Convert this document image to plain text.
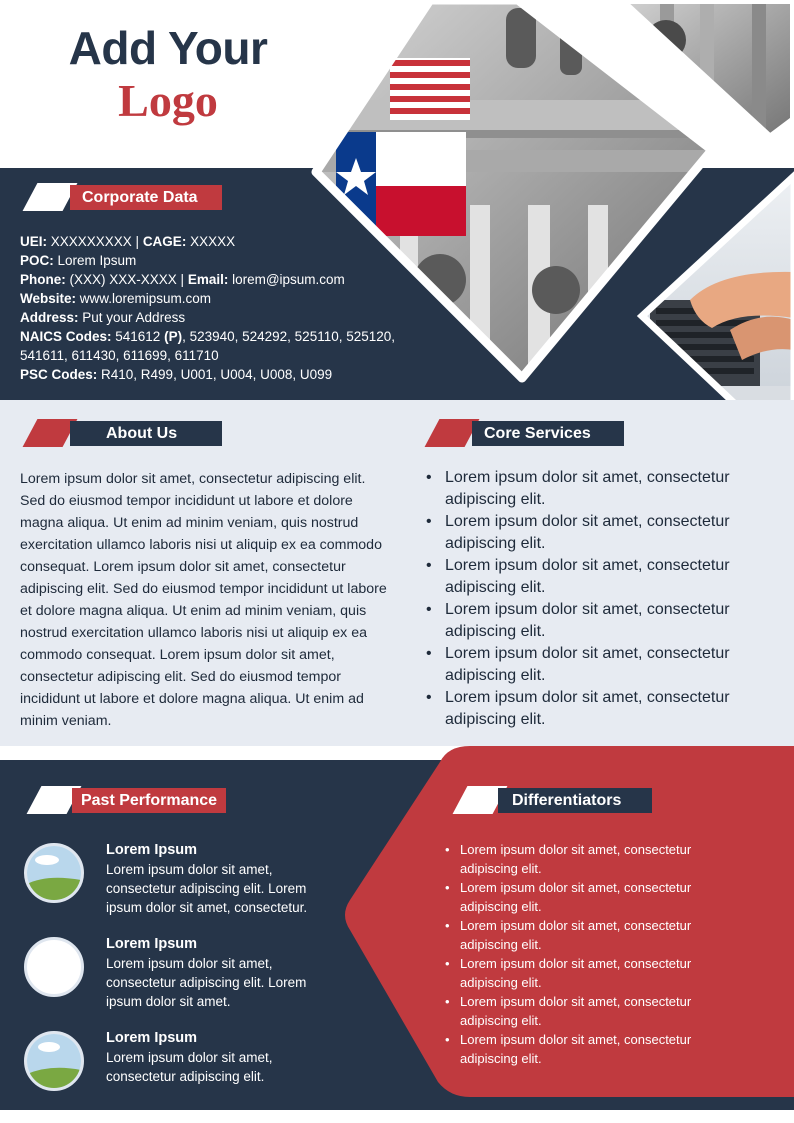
Add Your
Logo
Corporate Data
UEI: XXXXXXXXX | CAGE: XXXXX
POC: Lorem Ipsum
Phone: (XXX) XXX-XXXX | Email: lorem@ipsum.com
Website: www.loremipsum.com
Address: Put your Address
NAICS Codes: 541612 (P), 523940, 524292, 525110, 525120, 541611, 611430, 611699, 611710
PSC Codes: R410, R499, U001, U004, U008, U099
About Us
Lorem ipsum dolor sit amet, consectetur adipiscing elit. Sed do eiusmod tempor incididunt ut labore et dolore magna aliqua. Ut enim ad minim veniam, quis nostrud exercitation ullamco laboris nisi ut aliquip ex ea commodo consequat. Lorem ipsum dolor sit amet, consectetur adipiscing elit. Sed do eiusmod tempor incididunt ut labore et dolore magna aliqua. Ut enim ad minim veniam, quis nostrud exercitation ullamco laboris nisi ut aliquip ex ea commodo consequat. Lorem ipsum dolor sit amet, consectetur adipiscing elit. Sed do eiusmod tempor incididunt ut labore et dolore magna aliqua. Ut enim ad minim veniam.
Core Services
• Lorem ipsum dolor sit amet, consectetur adipiscing elit.
• Lorem ipsum dolor sit amet, consectetur adipiscing elit.
• Lorem ipsum dolor sit amet, consectetur adipiscing elit.
• Lorem ipsum dolor sit amet, consectetur adipiscing elit.
• Lorem ipsum dolor sit amet, consectetur adipiscing elit.
• Lorem ipsum dolor sit amet, consectetur adipiscing elit.
Past Performance
Lorem Ipsum
Lorem ipsum dolor sit amet, consectetur adipiscing elit. Lorem ipsum dolor sit amet, consectetur.
Lorem Ipsum
Lorem ipsum dolor sit amet, consectetur adipiscing elit. Lorem ipsum dolor sit amet.
Lorem Ipsum
Lorem ipsum dolor sit amet, consectetur adipiscing elit.
Differentiators
• Lorem ipsum dolor sit amet, consectetur adipiscing elit.
• Lorem ipsum dolor sit amet, consectetur adipiscing elit.
• Lorem ipsum dolor sit amet, consectetur adipiscing elit.
• Lorem ipsum dolor sit amet, consectetur adipiscing elit.
• Lorem ipsum dolor sit amet, consectetur adipiscing elit.
• Lorem ipsum dolor sit amet, consectetur adipiscing elit.
